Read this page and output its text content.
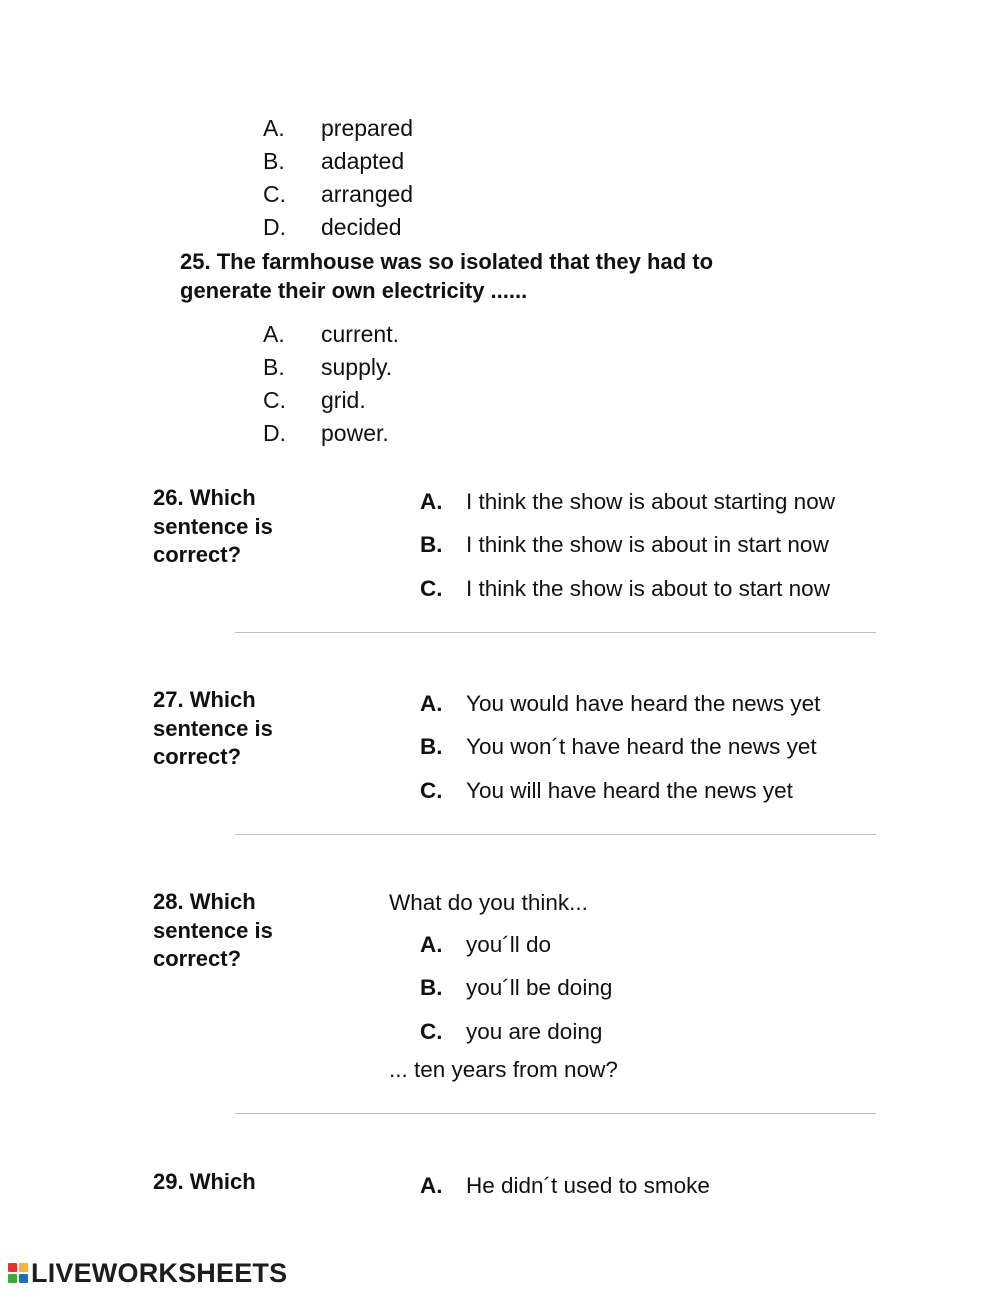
A. prepared
B. adapted
C. arranged
D. decided
25. The farmhouse was so isolated that they had to
generate their own electricity ......
A. current.
B. supply.
C. grid.
D. power.
26. Which
sentence is
correct?
A. I think the show is about starting now
B. I think the show is about in start now
C. I think the show is about to start now
27. Which
sentence is
correct?
A. You would have heard the news yet
B. You won´t have heard the news yet
C. You will have heard the news yet
28. Which
sentence is
correct?
What do you think...
A. you´ll do
B. you´ll be doing
C. you are doing
... ten years from now?
29. Which	A. He didn´t used to smoke
LIVEWORKSHEETS
